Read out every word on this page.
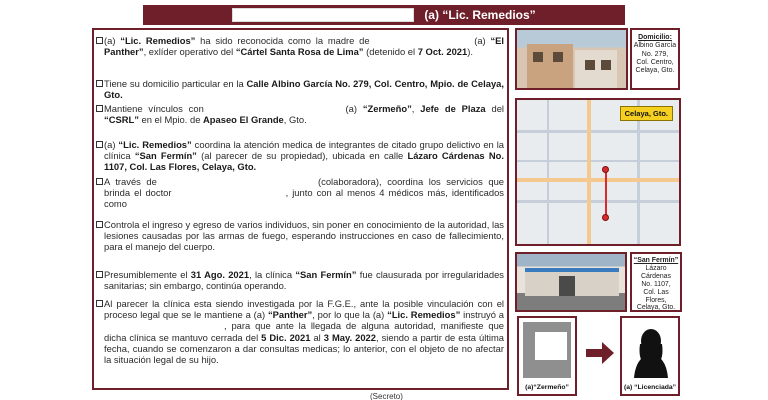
(a) “Lic. Remedios”
(a) “Lic. Remedios” ha sido reconocida como la madre de	(a) “El Panther”, exlíder operativo del “Cártel Santa Rosa de Lima” (detenido el 7 Oct. 2021).
Tiene su domicilio particular en la Calle Albino García No. 279, Col. Centro, Mpio. de Celaya, Gto.
Mantiene vínculos con	(a) “Zermeño”, Jefe de Plaza del “CSRL” en el Mpio. de Apaseo El Grande, Gto.
(a) “Lic. Remedios” coordina la atención medica de integrantes de citado grupo delictivo en la clínica “San Fermín” (al parecer de su propiedad), ubicada en calle Lázaro Cárdenas No. 1107, Col. Las Flores, Celaya, Gto.
A través de	(colaboradora), coordina los servicios que brinda el doctor	, junto con al menos 4 médicos más, identificados como
Controla el ingreso y egreso de varios individuos, sin poner en conocimiento de la autoridad, las lesiones causadas por las armas de fuego, esperando instrucciones en caso de fallecimiento, para el manejo del cuerpo.
Presumiblemente el 31 Ago. 2021, la clínica “San Fermín” fue clausurada por irregularidades sanitarias; sin embargo, continúa operando.
Al parecer la clínica esta siendo investigada por la F.G.E., ante la posible vinculación con el proceso legal que se le mantiene a (a) “Panther”, por lo que la (a) “Lic. Remedios” instruyó a , para que ante la llegada de alguna autoridad, manifieste que dicha clínica se mantuvo cerrada del 5 Dic. 2021 al 3 May. 2022, siendo a partir de esta última fecha, cuando se comenzaron a dar consultas medicas; lo anterior, con el objeto de no afectar la situación legal de su hijo.
Domicilio:
Albino García
No. 279,
Col. Centro,
Celaya, Gto.
Celaya, Gto.
“San Fermín”
Lázaro
Cárdenas
No. 1107,
Col. Las Flores,
Celaya, Gto.
(a)“Zermeño”	(a) “Licenciada”
(Secreto)
